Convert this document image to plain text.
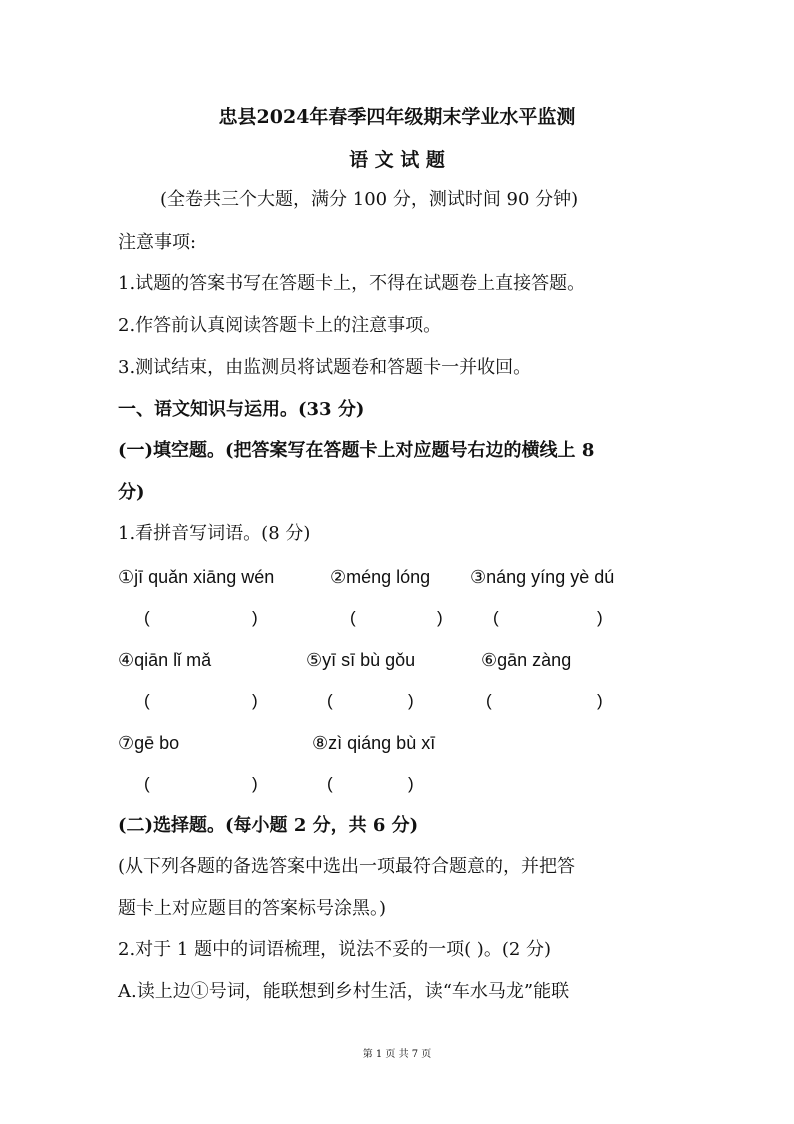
忠县2024年春季四年级期末学业水平监测
语 文 试 题
(全卷共三个大题，满分 100 分，测试时间 90 分钟)
注意事项:
1.试题的答案书写在答题卡上，不得在试题卷上直接答题。
2.作答前认真阅读答题卡上的注意事项。
3.测试结束，由监测员将试题卷和答题卡一并收回。
一、语文知识与运用。(33 分)
(一)填空题。(把答案写在答题卡上对应题号右边的横线上 8
分)
1.看拼音写词语。(8 分)
①jī quǎn xiāng wén	②méng lóng ③náng yíng yè dú
(	)	(	)	(	)
④qiān lǐ mǎ	⑤yī sī bù gǒu	⑥gān zàng
(	)	(	)	(	)
⑦gē bo	⑧zì qiáng bù xī
(	)	(	)
(二)选择题。(每小题 2 分，共 6 分)
(从下列各题的备选答案中选出一项最符合题意的，并把答
题卡上对应题目的答案标号涂黑。)
2.对于 1 题中的词语梳理，说法不妥的一项( )。(2 分)
A.读上边①号词，能联想到乡村生活，读“车水马龙”能联
第 1 页 共 7 页
